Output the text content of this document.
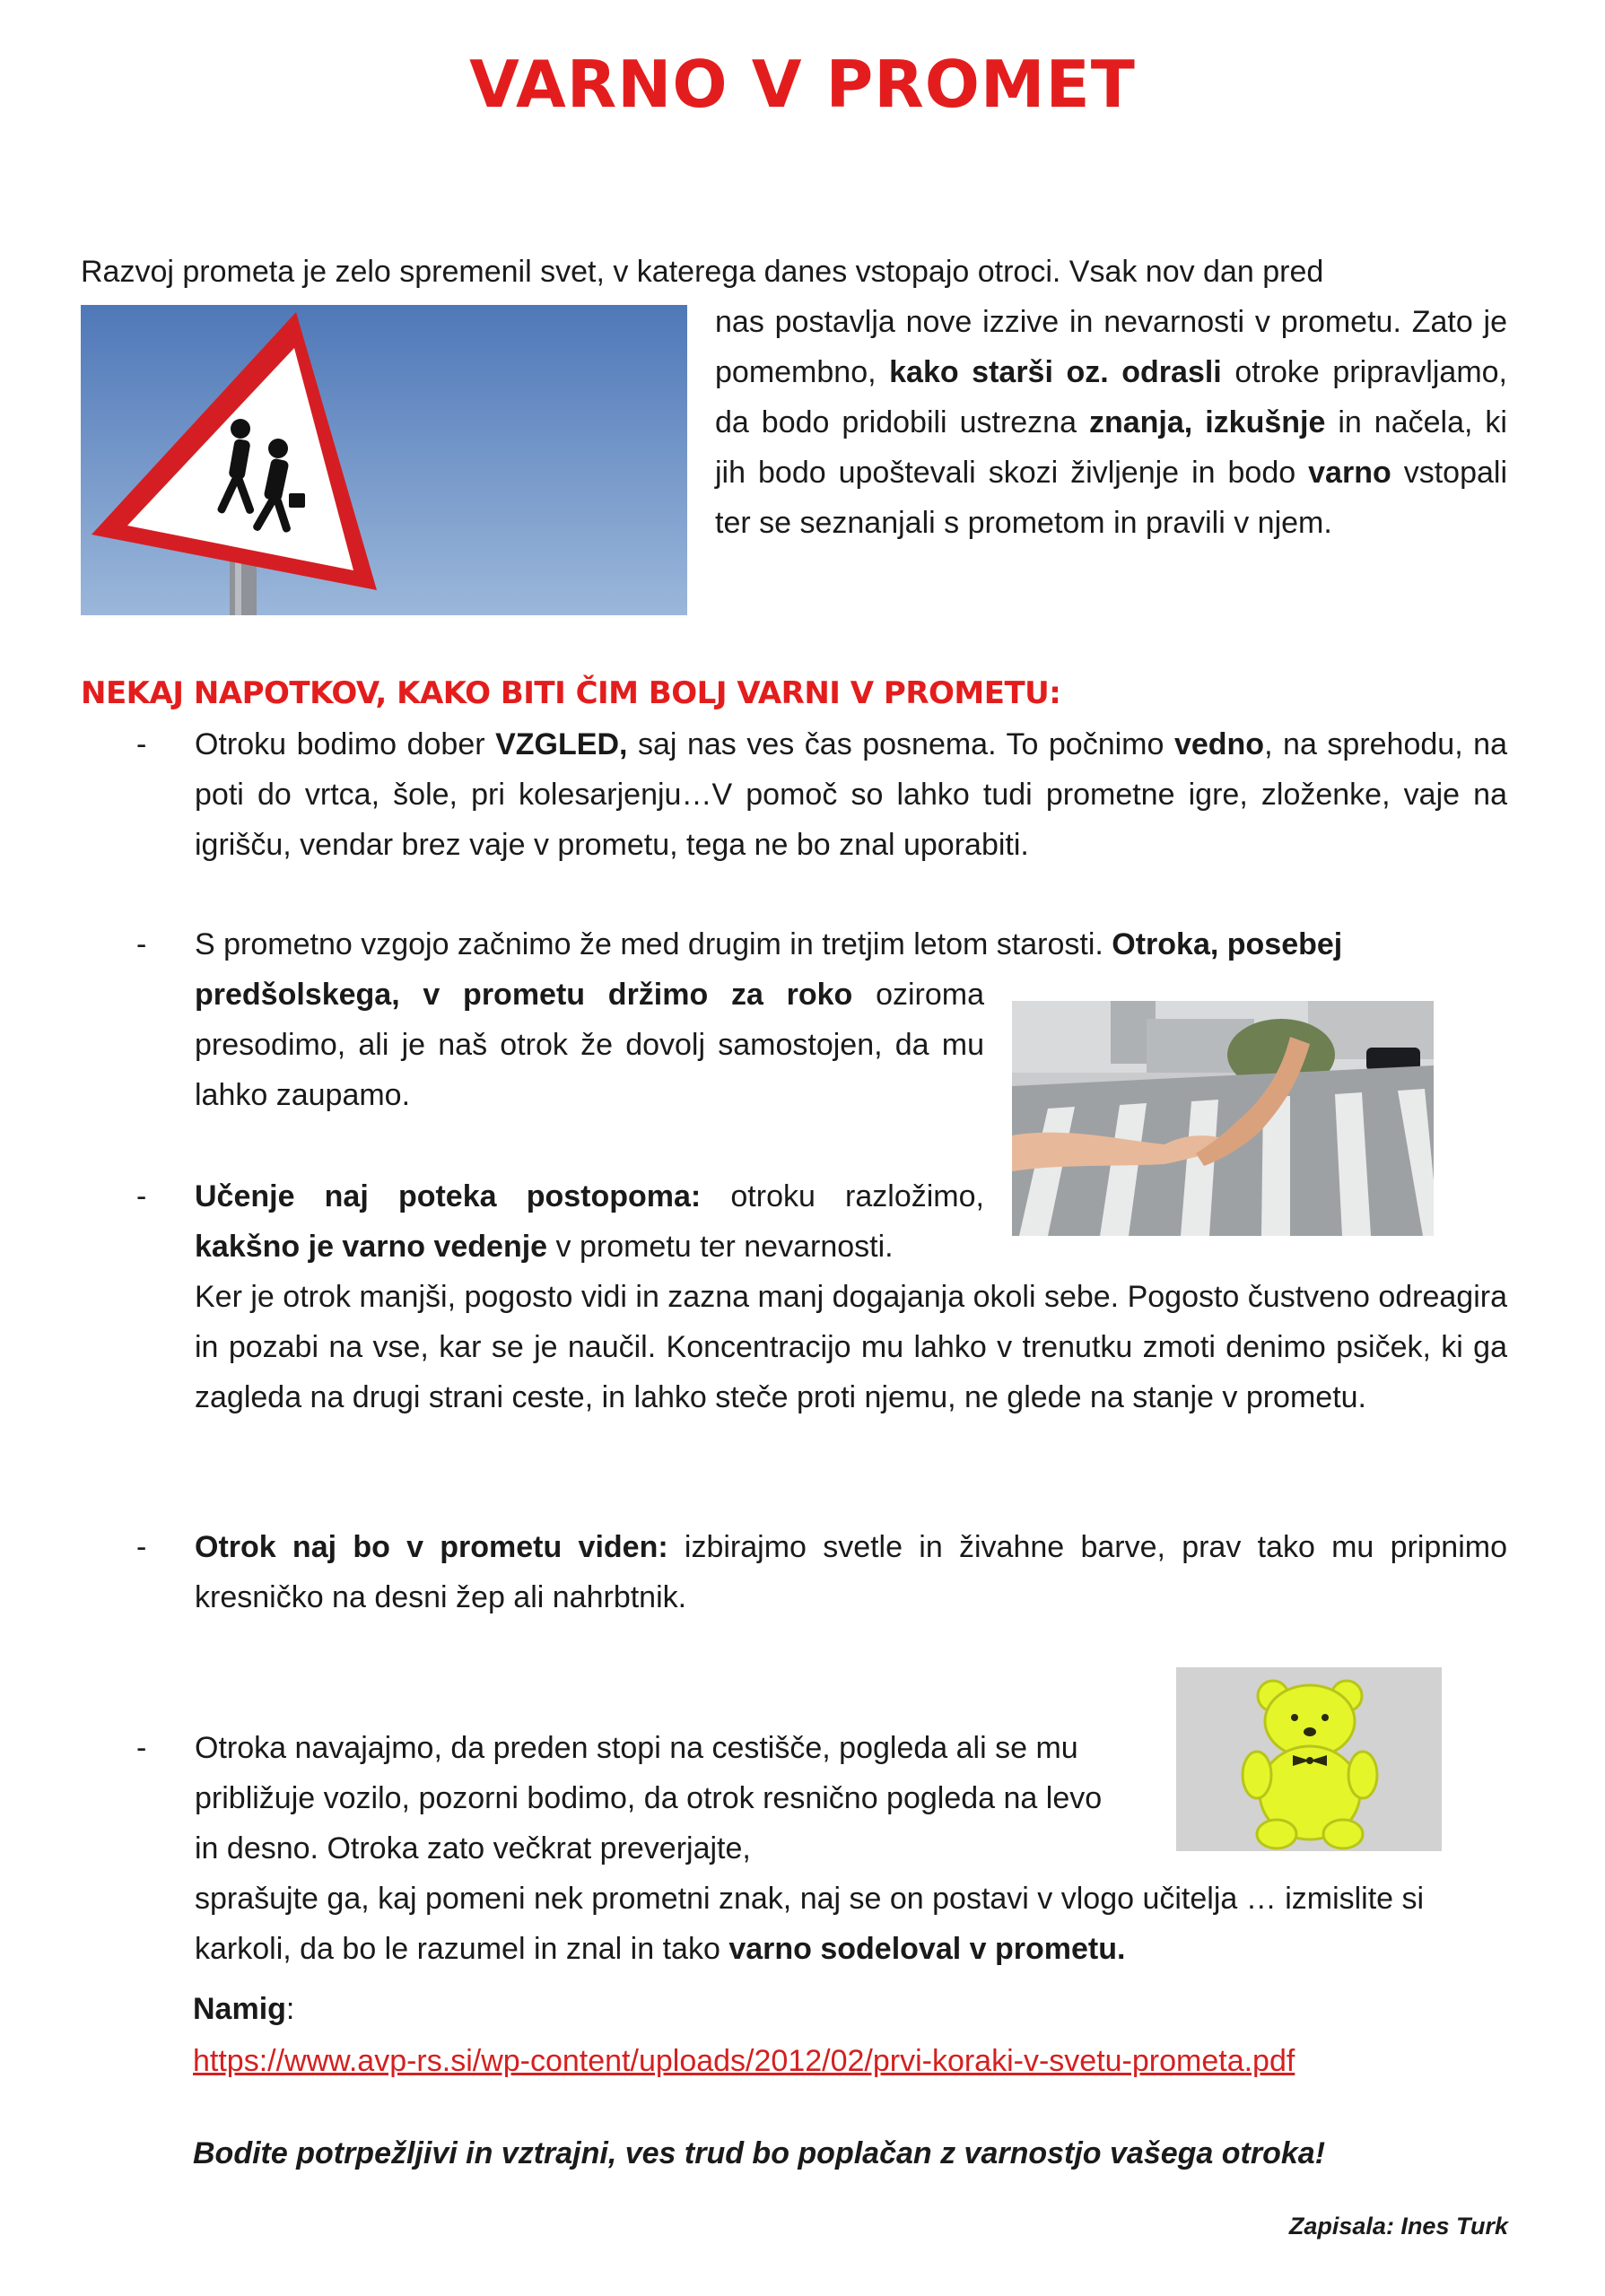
VARNO V PROMET
Razvoj prometa je zelo spremenil svet, v katerega danes vstopajo otroci. Vsak nov dan pred
nas postavlja nove izzive in nevarnosti v prometu. Zato je pomembno, kako starši oz. odrasli otroke pripravljamo, da bodo pridobili ustrezna znanja, izkušnje in načela, ki jih bodo upoštevali skozi življenje in bodo varno vstopali ter se seznanjali s prometom in pravili v njem.
NEKAJ NAPOTKOV, KAKO BITI ČIM BOLJ VARNI V PROMETU:
- Otroku bodimo dober VZGLED, saj nas ves čas posnema. To počnimo vedno, na sprehodu, na poti do vrtca, šole, pri kolesarjenju…V pomoč so lahko tudi prometne igre, zloženke, vaje na igrišču, vendar brez vaje v prometu, tega ne bo znal uporabiti.
- S prometno vzgojo začnimo že med drugim in tretjim letom starosti. Otroka, posebej
predšolskega, v prometu držimo za roko oziroma presodimo, ali je naš otrok že dovolj samostojen, da mu lahko zaupamo.
- Učenje naj poteka postopoma: otroku razložimo, kakšno je varno vedenje v prometu ter nevarnosti.
Ker je otrok manjši, pogosto vidi in zazna manj dogajanja okoli sebe. Pogosto čustveno odreagira in pozabi na vse, kar se je naučil. Koncentracijo mu lahko v trenutku zmoti denimo psiček, ki ga zagleda na drugi strani ceste, in lahko steče proti njemu, ne glede na stanje v prometu.
- Otrok naj bo v prometu viden: izbirajmo svetle in živahne barve, prav tako mu pripnimo kresničko na desni žep ali nahrbtnik.
- Otroka navajajmo, da preden stopi na cestišče, pogleda ali se mu približuje vozilo, pozorni bodimo, da otrok resnično pogleda na levo in desno. Otroka zato večkrat preverjajte,
sprašujte ga, kaj pomeni nek prometni znak, naj se on postavi v vlogo učitelja … izmislite si karkoli, da bo le razumel in znal in tako varno sodeloval v prometu.
Namig:
https://www.avp-rs.si/wp-content/uploads/2012/02/prvi-koraki-v-svetu-prometa.pdf
Bodite potrpežljivi in vztrajni, ves trud bo poplačan z varnostjo vašega otroka!
Zapisala: Ines Turk
